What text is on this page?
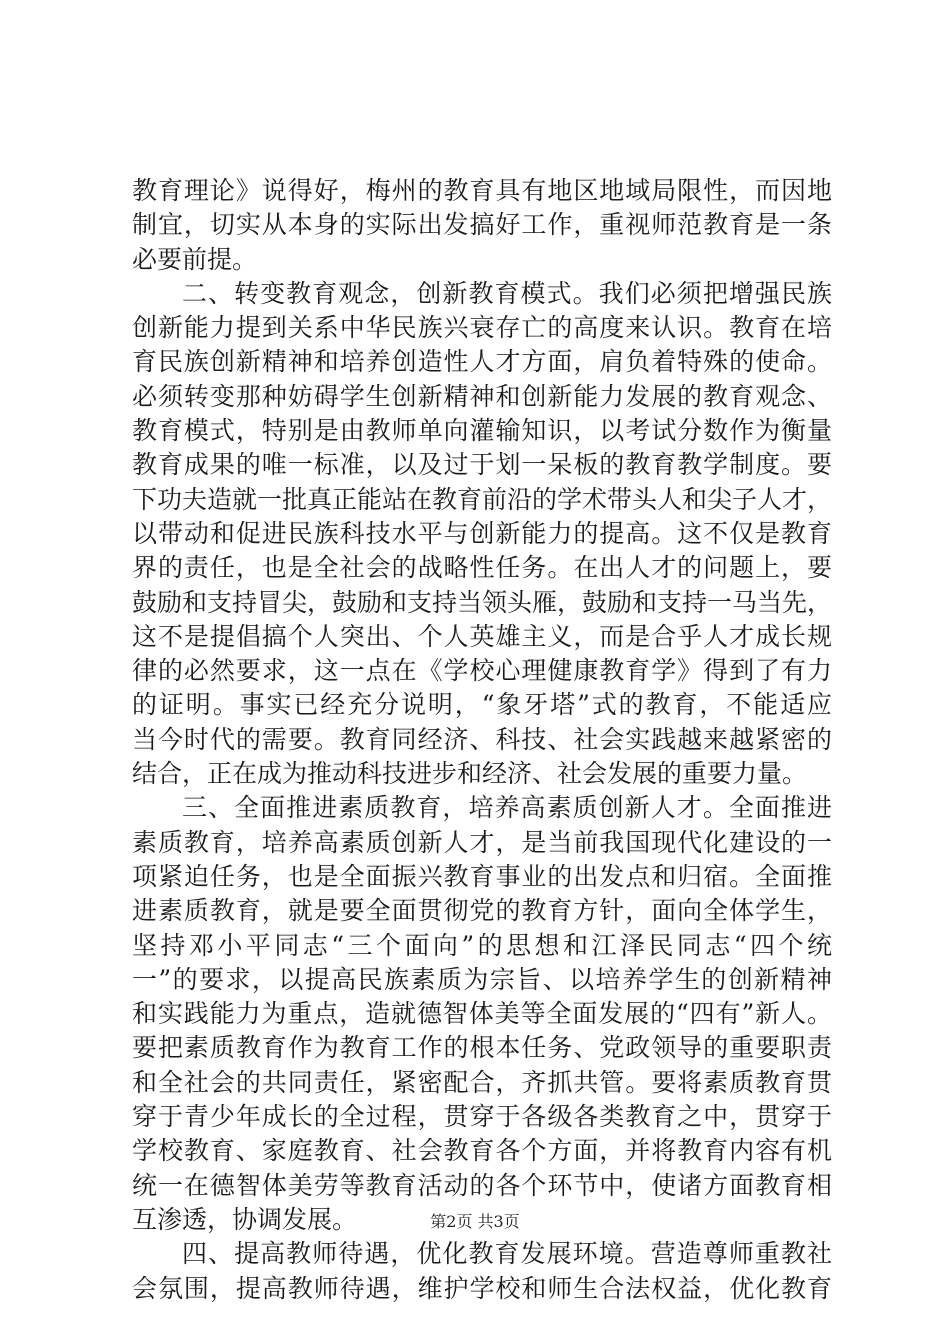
教育理论》说得好，梅州的教育具有地区地域局限性，而因地
制宜，切实从本身的实际出发搞好工作，重视师范教育是一条
必要前提。
二、转变教育观念，创新教育模式。我们必须把增强民族
创新能力提到关系中华民族兴衰存亡的高度来认识。教育在培
育民族创新精神和培养创造性人才方面，肩负着特殊的使命。
必须转变那种妨碍学生创新精神和创新能力发展的教育观念、
教育模式，特别是由教师单向灌输知识，以考试分数作为衡量
教育成果的唯一标准，以及过于划一呆板的教育教学制度。要
下功夫造就一批真正能站在教育前沿的学术带头人和尖子人才，
以带动和促进民族科技水平与创新能力的提高。这不仅是教育
界的责任，也是全社会的战略性任务。在出人才的问题上，要
鼓励和支持冒尖，鼓励和支持当领头雁，鼓励和支持一马当先，
这不是提倡搞个人突出、个人英雄主义，而是合乎人才成长规
律的必然要求，这一点在《学校心理健康教育学》得到了有力
的证明。事实已经充分说明，“象牙塔”式的教育，不能适应
当今时代的需要。教育同经济、科技、社会实践越来越紧密的
结合，正在成为推动科技进步和经济、社会发展的重要力量。
三、全面推进素质教育，培养高素质创新人才。全面推进
素质教育，培养高素质创新人才，是当前我国现代化建设的一
项紧迫任务，也是全面振兴教育事业的出发点和归宿。全面推
进素质教育，就是要全面贯彻党的教育方针，面向全体学生，
坚持邓小平同志“三个面向”的思想和江泽民同志“四个统
一”的要求，以提高民族素质为宗旨、以培养学生的创新精神
和实践能力为重点，造就德智体美等全面发展的“四有”新人。
要把素质教育作为教育工作的根本任务、党政领导的重要职责
和全社会的共同责任，紧密配合，齐抓共管。要将素质教育贯
穿于青少年成长的全过程，贯穿于各级各类教育之中，贯穿于
学校教育、家庭教育、社会教育各个方面，并将教育内容有机
统一在德智体美劳等教育活动的各个环节中，使诸方面教育相
互渗透，协调发展。
四、提高教师待遇，优化教育发展环境。营造尊师重教社
会氛围，提高教师待遇，维护学校和师生合法权益，优化教育
第2页 共3页
